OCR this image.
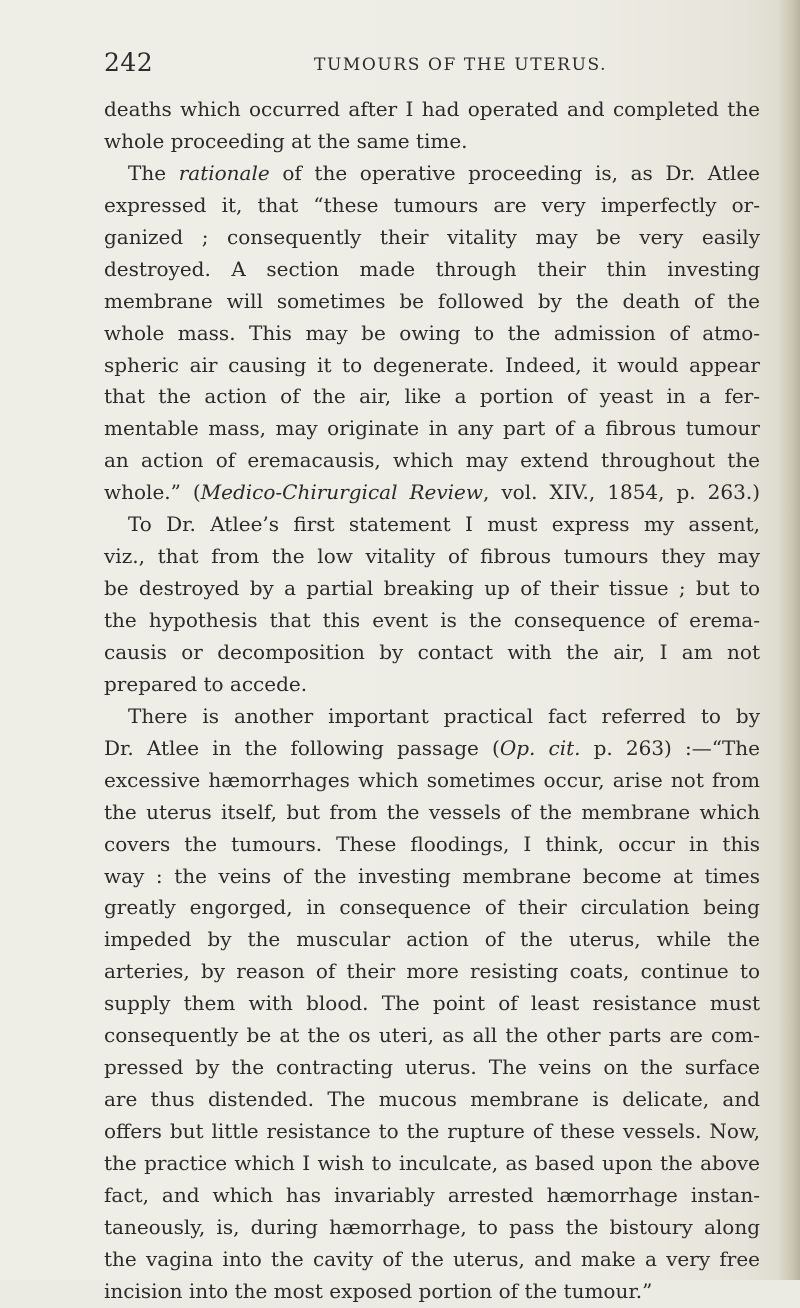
242	TUMOURS OF THE UTERUS.
deaths which occurred after I had operated and completed the
whole proceeding at the same time.
The rationale of the operative proceeding is, as Dr. Atlee
expressed it, that “these tumours are very imperfectly or-
ganized ; consequently their vitality may be very easily
destroyed. A section made through their thin investing
membrane will sometimes be followed by the death of the
whole mass. This may be owing to the admission of atmo-
spheric air causing it to degenerate. Indeed, it would appear
that the action of the air, like a portion of yeast in a fer-
mentable mass, may originate in any part of a fibrous tumour
an action of eremacausis, which may extend throughout the
whole.” (Medico-Chirurgical Review, vol. XIV., 1854, p. 263.)
To Dr. Atlee’s first statement I must express my assent,
viz., that from the low vitality of fibrous tumours they may
be destroyed by a partial breaking up of their tissue ; but to
the hypothesis that this event is the consequence of erema-
causis or decomposition by contact with the air, I am not
prepared to accede.
There is another important practical fact referred to by
Dr. Atlee in the following passage (Op. cit. p. 263) :—“The
excessive hæmorrhages which sometimes occur, arise not from
the uterus itself, but from the vessels of the membrane which
covers the tumours. These floodings, I think, occur in this
way : the veins of the investing membrane become at times
greatly engorged, in consequence of their circulation being
impeded by the muscular action of the uterus, while the
arteries, by reason of their more resisting coats, continue to
supply them with blood. The point of least resistance must
consequently be at the os uteri, as all the other parts are com-
pressed by the contracting uterus. The veins on the surface
are thus distended. The mucous membrane is delicate, and
offers but little resistance to the rupture of these vessels. Now,
the practice which I wish to inculcate, as based upon the above
fact, and which has invariably arrested hæmorrhage instan-
taneously, is, during hæmorrhage, to pass the bistoury along
the vagina into the cavity of the uterus, and make a very free
incision into the most exposed portion of the tumour.”
